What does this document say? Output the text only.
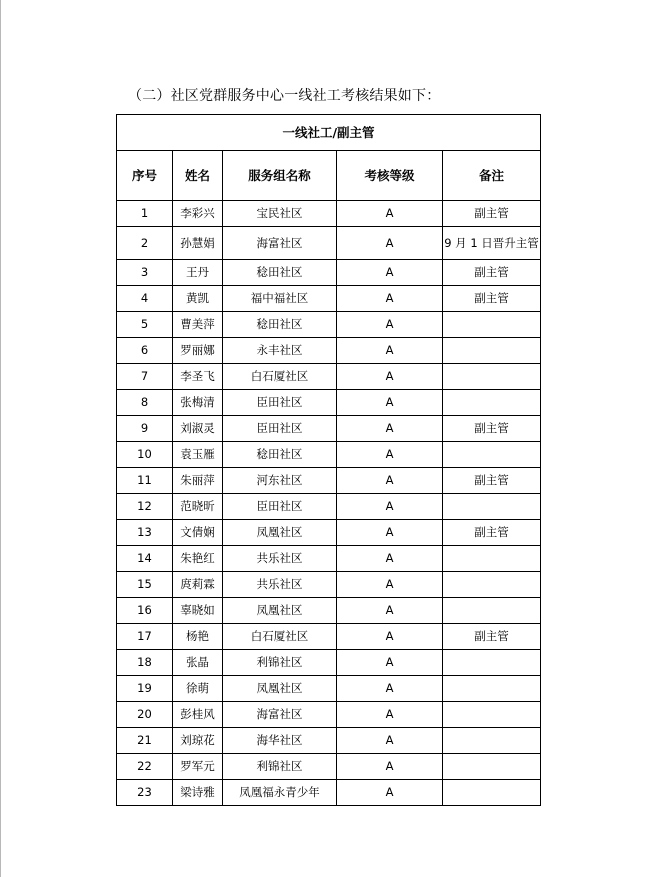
（二）社区党群服务中心一线社工考核结果如下：
一线社工/副主管				
序号	姓名	服务组名称	考核等级	备注
1	李彩兴	宝民社区	A	副主管
2	孙慧娟	海富社区	A	9 月 1 日晋升主管
3	王丹	稔田社区	A	副主管
4	黄凯	福中福社区	A	副主管
5	曹美萍	稔田社区	A	
6	罗丽娜	永丰社区	A	
7	李圣飞	白石厦社区	A	
8	张梅清	臣田社区	A	
9	刘淑灵	臣田社区	A	副主管
10	袁玉雁	稔田社区	A	
11	朱丽萍	河东社区	A	副主管
12	范晓昕	臣田社区	A	
13	文倩娴	凤凰社区	A	副主管
14	朱艳红	共乐社区	A	
15	庹莉霖	共乐社区	A	
16	辜晓如	凤凰社区	A	
17	杨艳	白石厦社区	A	副主管
18	张晶	利锦社区	A	
19	徐萌	凤凰社区	A	
20	彭桂风	海富社区	A	
21	刘琼花	海华社区	A	
22	罗军元	利锦社区	A	
23	梁诗雅	凤凰福永青少年	A	
